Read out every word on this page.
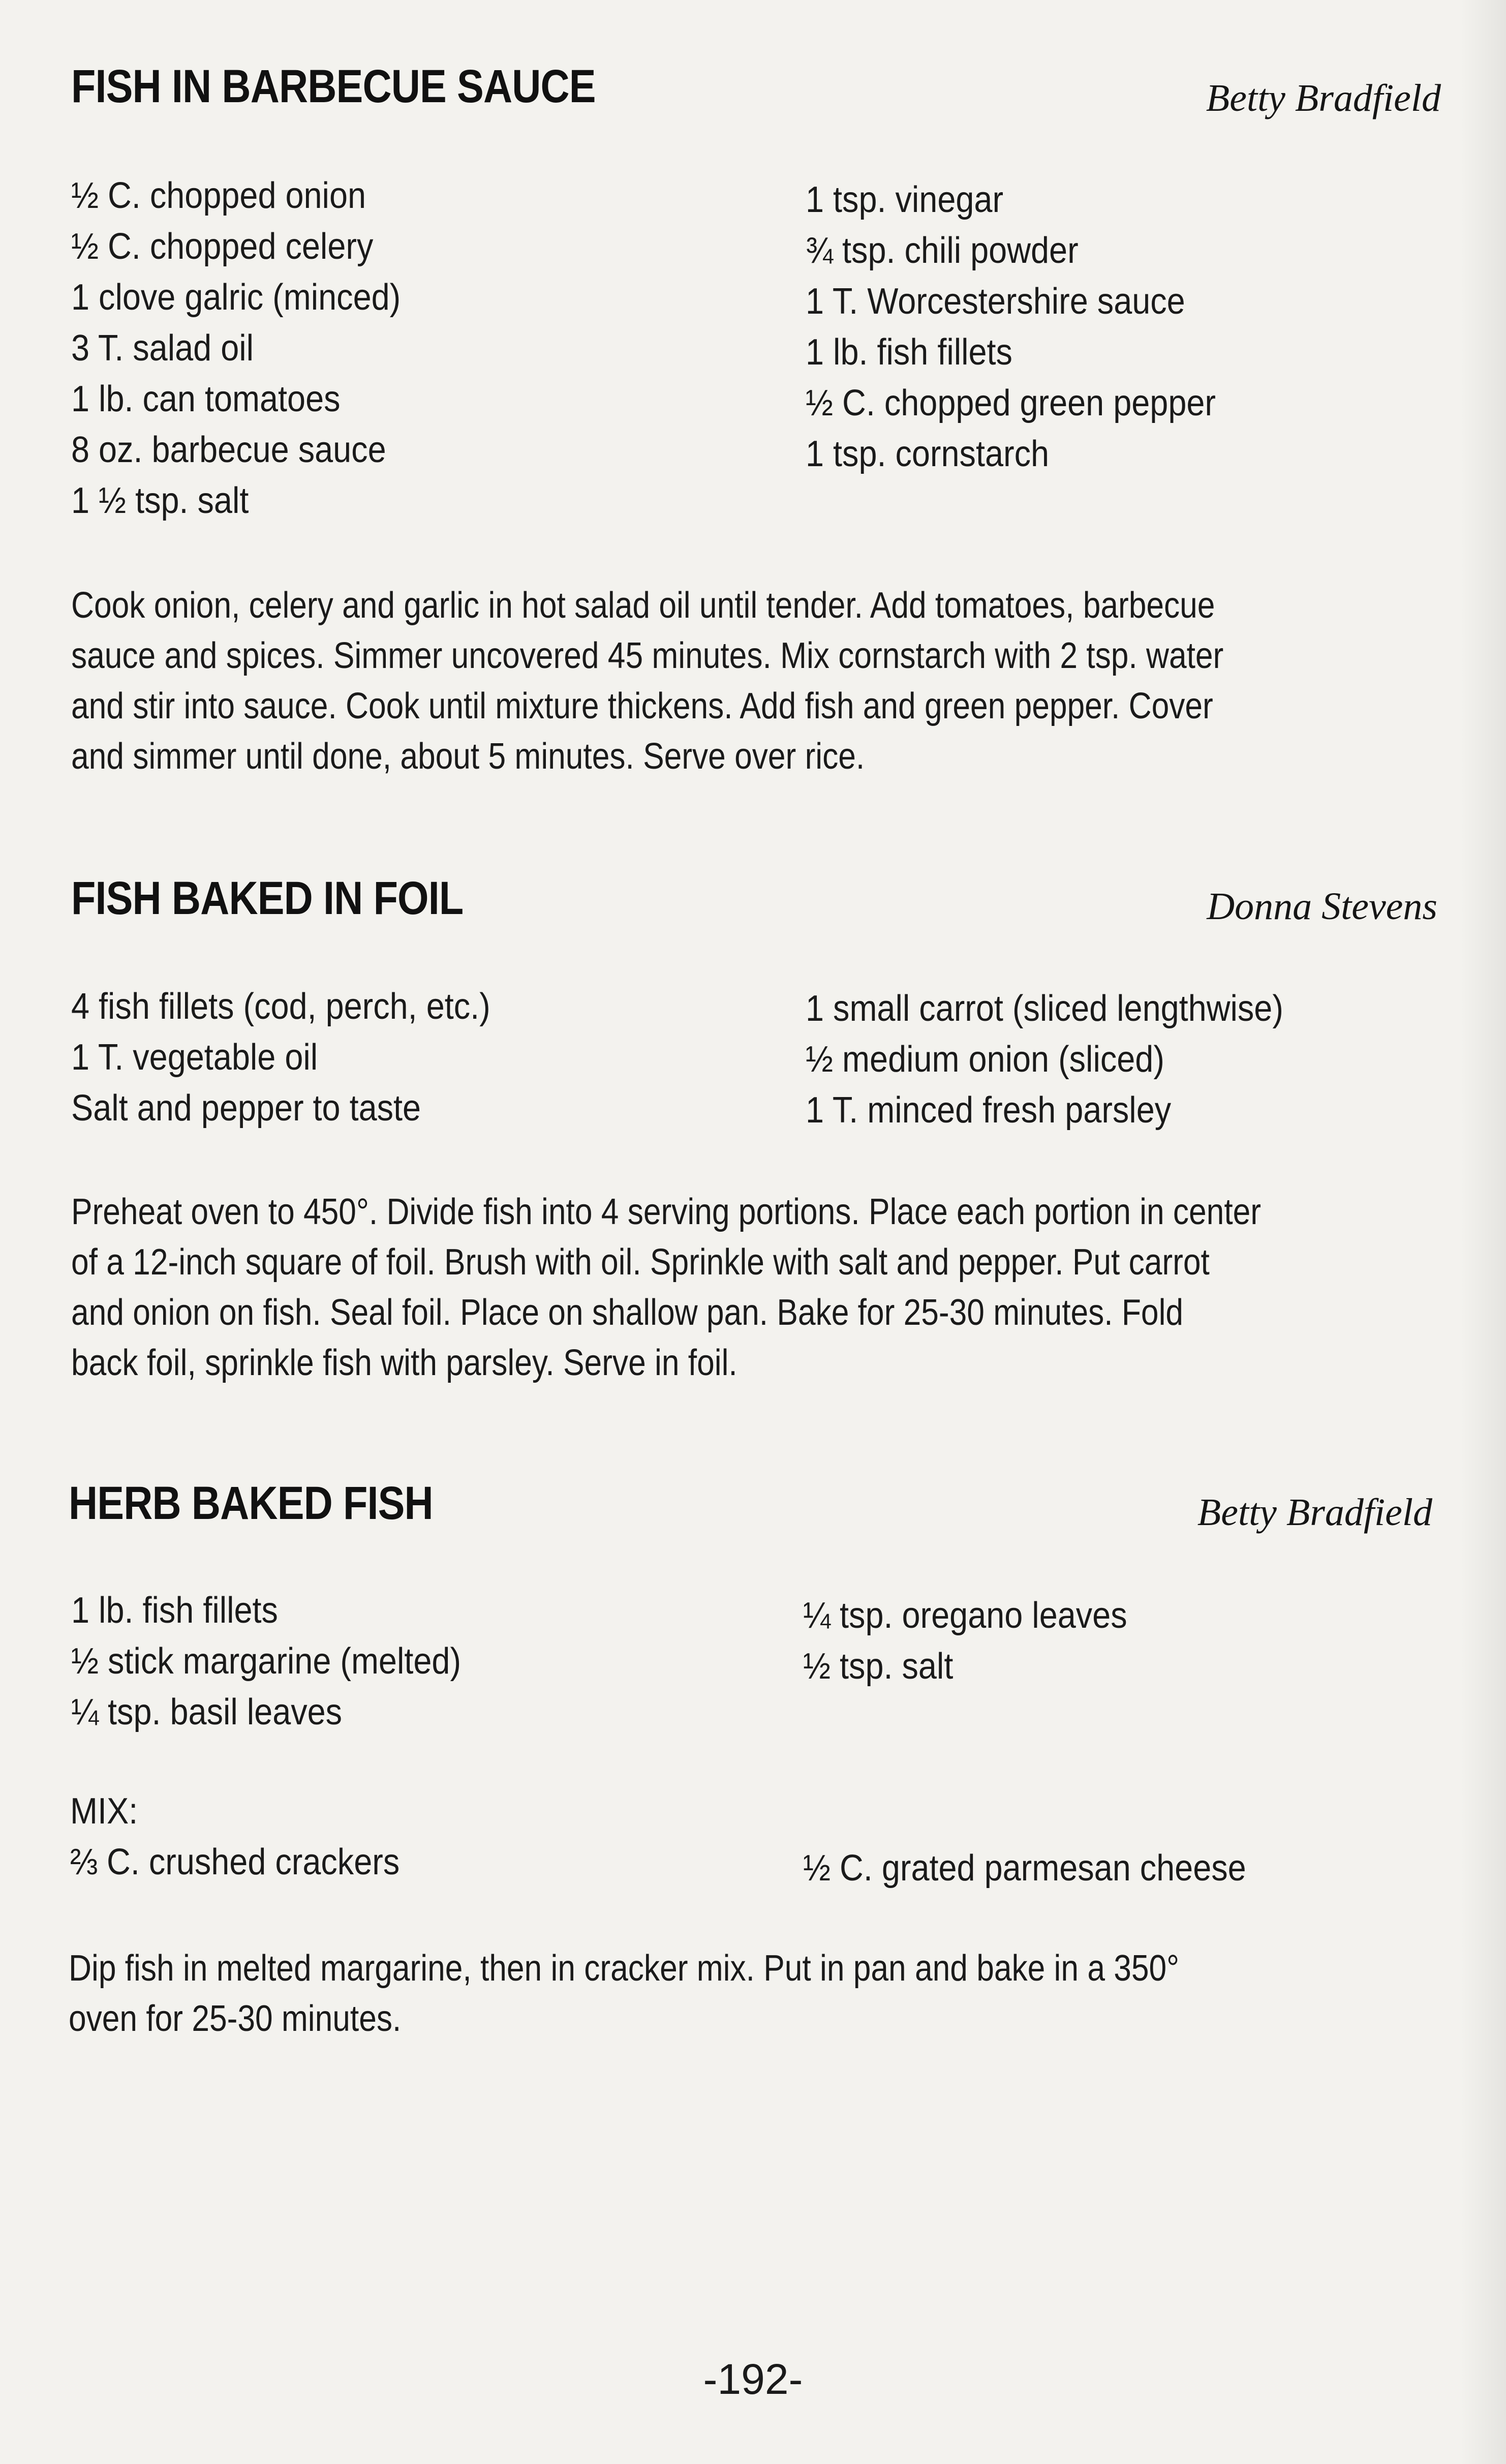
FISH IN BARBECUE SAUCE	Betty Bradfield
½ C. chopped onion
½ C. chopped celery
1 clove galric (minced)
3 T. salad oil
1 lb. can tomatoes
8 oz. barbecue sauce
1 ½ tsp. salt
1 tsp. vinegar
¾ tsp. chili powder
1 T. Worcestershire sauce
1 lb. fish fillets
½ C. chopped green pepper
1 tsp. cornstarch
Cook onion, celery and garlic in hot salad oil until tender. Add tomatoes, barbecue
sauce and spices. Simmer uncovered 45 minutes. Mix cornstarch with 2 tsp. water
and stir into sauce. Cook until mixture thickens. Add fish and green pepper. Cover
and simmer until done, about 5 minutes. Serve over rice.
FISH BAKED IN FOIL	Donna Stevens
4 fish fillets (cod, perch, etc.)
1 T. vegetable oil
Salt and pepper to taste
1 small carrot (sliced lengthwise)
½ medium onion (sliced)
1 T. minced fresh parsley
Preheat oven to 450°. Divide fish into 4 serving portions. Place each portion in center
of a 12-inch square of foil. Brush with oil. Sprinkle with salt and pepper. Put carrot
and onion on fish. Seal foil. Place on shallow pan. Bake for 25-30 minutes. Fold
back foil, sprinkle fish with parsley. Serve in foil.
HERB BAKED FISH	Betty Bradfield
1 lb. fish fillets
½ stick margarine (melted)
¼ tsp. basil leaves
¼ tsp. oregano leaves
½ tsp. salt
MIX:
⅔ C. crushed crackers	½ C. grated parmesan cheese
Dip fish in melted margarine, then in cracker mix. Put in pan and bake in a 350°
oven for 25-30 minutes.
-192-
